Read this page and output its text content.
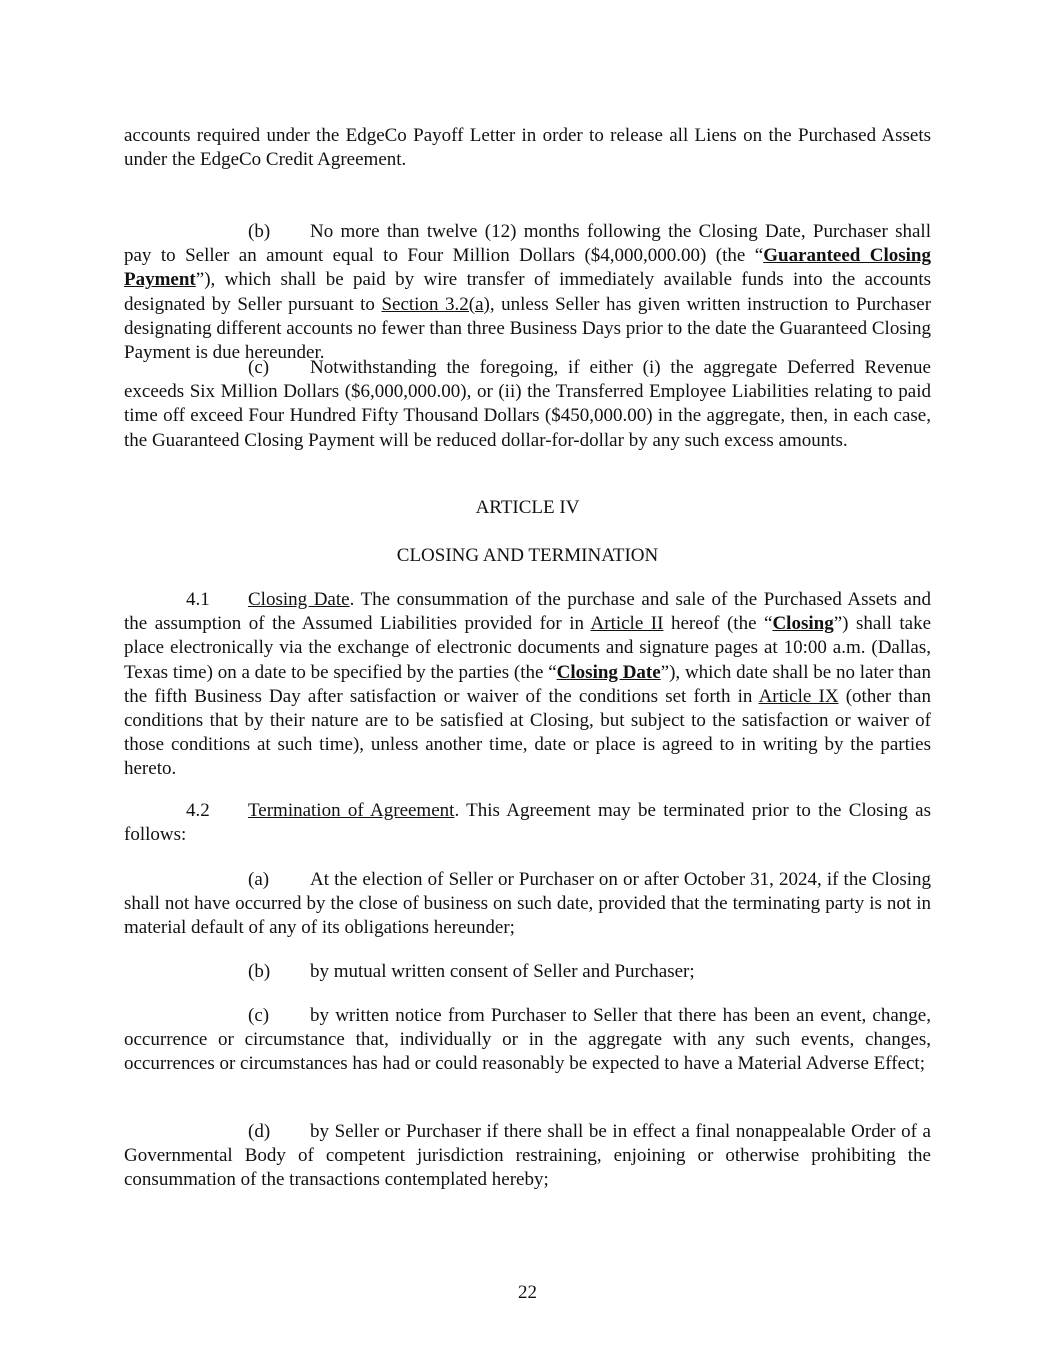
accounts required under the EdgeCo Payoff Letter in order to release all Liens on the Purchased Assets under the EdgeCo Credit Agreement.

(b) No more than twelve (12) months following the Closing Date, Purchaser shall pay to Seller an amount equal to Four Million Dollars ($4,000,000.00) (the “Guaranteed Closing Payment”), which shall be paid by wire transfer of immediately available funds into the accounts designated by Seller pursuant to Section 3.2(a), unless Seller has given written instruction to Purchaser designating different accounts no fewer than three Business Days prior to the date the Guaranteed Closing Payment is due hereunder.

(c) Notwithstanding the foregoing, if either (i) the aggregate Deferred Revenue exceeds Six Million Dollars ($6,000,000.00), or (ii) the Transferred Employee Liabilities relating to paid time off exceed Four Hundred Fifty Thousand Dollars ($450,000.00) in the aggregate, then, in each case, the Guaranteed Closing Payment will be reduced dollar-for-dollar by any such excess amounts.

ARTICLE IV

CLOSING AND TERMINATION

4.1 Closing Date. The consummation of the purchase and sale of the Purchased Assets and the assumption of the Assumed Liabilities provided for in Article II hereof (the “Closing”) shall take place electronically via the exchange of electronic documents and signature pages at 10:00 a.m. (Dallas, Texas time) on a date to be specified by the parties (the “Closing Date”), which date shall be no later than the fifth Business Day after satisfaction or waiver of the conditions set forth in Article IX (other than conditions that by their nature are to be satisfied at Closing, but subject to the satisfaction or waiver of those conditions at such time), unless another time, date or place is agreed to in writing by the parties hereto.

4.2 Termination of Agreement. This Agreement may be terminated prior to the Closing as follows:

(a) At the election of Seller or Purchaser on or after October 31, 2024, if the Closing shall not have occurred by the close of business on such date, provided that the terminating party is not in material default of any of its obligations hereunder;

(b) by mutual written consent of Seller and Purchaser;

(c) by written notice from Purchaser to Seller that there has been an event, change, occurrence or circumstance that, individually or in the aggregate with any such events, changes, occurrences or circumstances has had or could reasonably be expected to have a Material Adverse Effect;

(d) by Seller or Purchaser if there shall be in effect a final nonappealable Order of a Governmental Body of competent jurisdiction restraining, enjoining or otherwise prohibiting the consummation of the transactions contemplated hereby;

22
